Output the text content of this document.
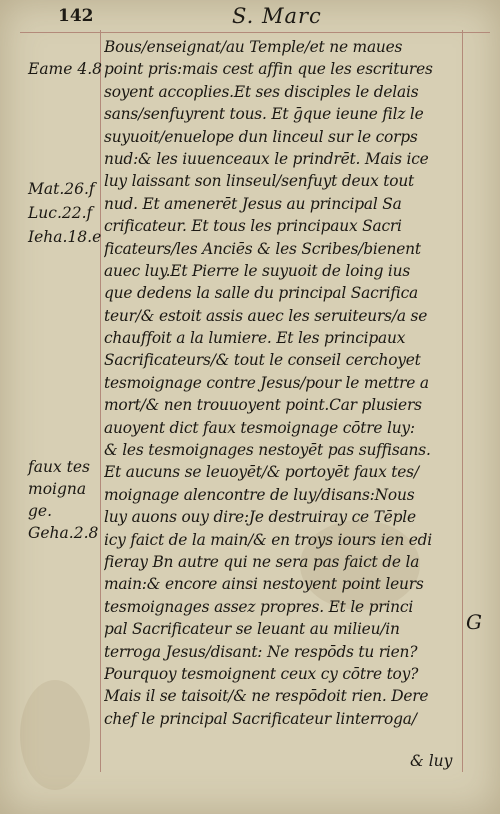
142	S. Marc
Bous/enseignat/au Temple/et ne maues
point pris:mais cest affin que les escritures
soyent accoplies.Et ses disciples le delais
sans/senfuyrent tous. Et ḡque ieune filz le
suyuoit/enuelope dun linceul sur le corps
nud:& les iuuenceaux le prindrēt. Mais ice
luy laissant son linseul/senfuyt deux tout
nud. Et amenerēt Jesus au principal Sa
crificateur. Et tous les principaux Sacri
ficateurs/les Anciēs & les Scribes/bienent
auec luy.Et Pierre le suyuoit de loing ius
que dedens la salle du principal Sacrifica
teur/& estoit assis auec les seruiteurs/a se
chauffoit a la lumiere. Et les principaux
Sacrificateurs/& tout le conseil cerchoyet
tesmoignage contre Jesus/pour le mettre a
mort/& nen trouuoyent point.Car plusiers
auoyent dict faux tesmoignage cōtre luy:
& les tesmoignages nestoyēt pas suffisans.
Et aucuns se leuoyēt/& portoyēt faux tes/
moignage alencontre de luy/disans:Nous
luy auons ouy dire:Je destruiray ce Tēple
icy faict de la main/& en troys iours ien edi
fieray Bn autre qui ne sera pas faict de la
main:& encore ainsi nestoyent point leurs
tesmoignages assez propres. Et le princi
pal Sacrificateur se leuant au milieu/in
terroga Jesus/disant: Ne respōds tu rien?
Pourquoy tesmoignent ceux cy cōtre toy?
Mais il se taisoit/& ne respōdoit rien. Dere
chef le principal Sacrificateur linterroga/
Eame 4.8
Mat.26.f
Luc.22.f
Ieha.18.e
faux tes
moigna
ge.
Geha.2.8
G
& luy
